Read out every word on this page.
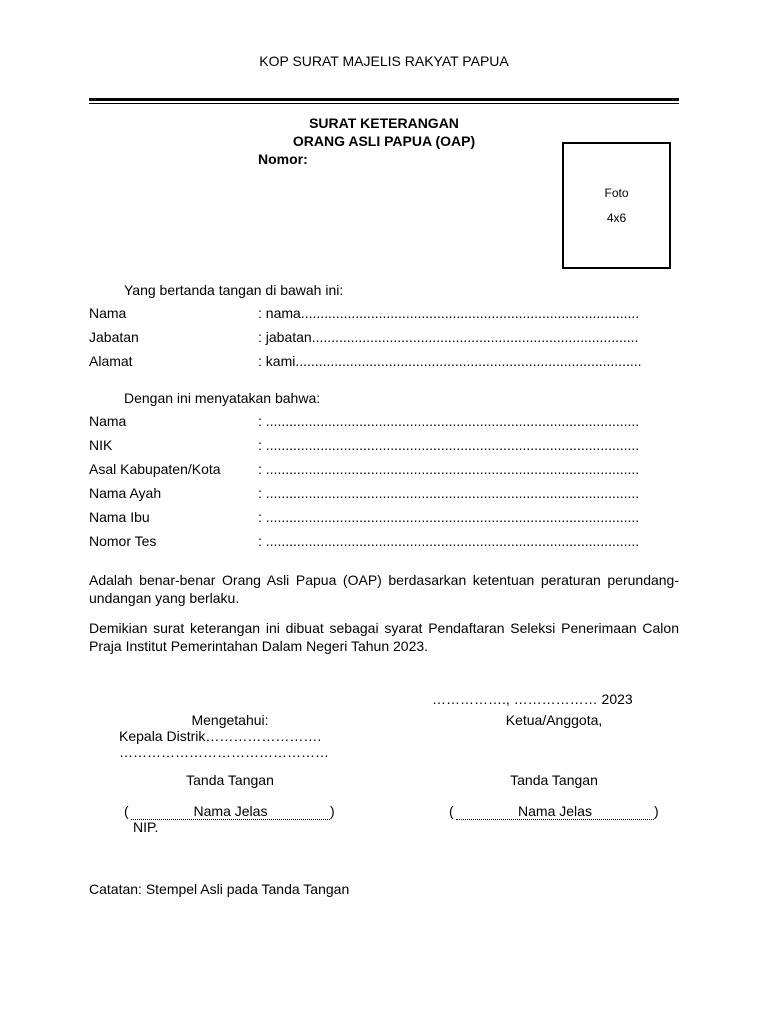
KOP SURAT MAJELIS RAKYAT PAPUA
SURAT KETERANGAN
ORANG ASLI PAPUA (OAP)
Nomor:
Foto
4x6
Yang bertanda tangan di bawah ini:
Nama	: nama.......................................................................................
Jabatan	: jabatan....................................................................................
Alamat	: kami.........................................................................................
Dengan ini menyatakan bahwa:
Nama	: ................................................................................................
NIK	: ................................................................................................
Asal Kabupaten/Kota	: ................................................................................................
Nama Ayah	: ................................................................................................
Nama Ibu	: ................................................................................................
Nomor Tes	: ................................................................................................
Adalah benar-benar Orang Asli Papua (OAP) berdasarkan ketentuan peraturan perundang-undangan yang berlaku.
Demikian surat keterangan ini dibuat sebagai syarat Pendaftaran Seleksi Penerimaan Calon Praja Institut Pemerintahan Dalam Negeri Tahun 2023.
……………., ……………… 2023
Mengetahui:
Kepala Distrik…………………….
………………………………………
Tanda Tangan
(	Nama Jelas	)
NIP.
Ketua/Anggota,
Tanda Tangan
(	Nama Jelas	)
Catatan: Stempel Asli pada Tanda Tangan
